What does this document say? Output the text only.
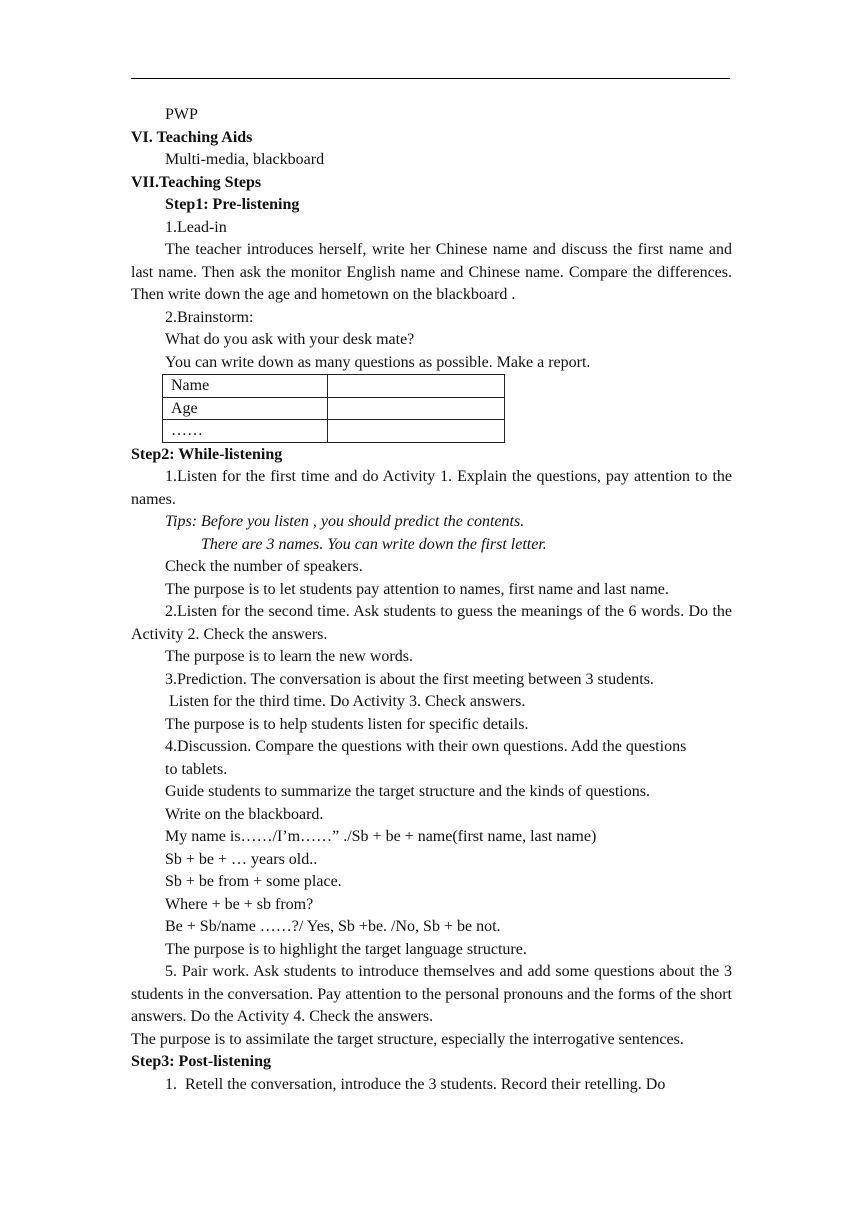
PWP
VI. Teaching Aids
Multi-media, blackboard
VII.Teaching Steps
Step1: Pre-listening
1.Lead-in
The teacher introduces herself, write her Chinese name and discuss the first name and last name. Then ask the monitor English name and Chinese name. Compare the differences. Then write down the age and hometown on the blackboard .
2.Brainstorm:
What do you ask with your desk mate?
You can write down as many questions as possible. Make a report.
Name	
Age	
……	
Step2: While-listening
1.Listen for the first time and do Activity 1. Explain the questions, pay attention to the names.
Tips: Before you listen , you should predict the contents.
There are 3 names. You can write down the first letter.
Check the number of speakers.
The purpose is to let students pay attention to names, first name and last name.
2.Listen for the second time. Ask students to guess the meanings of the 6 words. Do the Activity 2. Check the answers.
The purpose is to learn the new words.
3.Prediction. The conversation is about the first meeting between 3 students.
Listen for the third time. Do Activity 3. Check answers.
The purpose is to help students listen for specific details.
4.Discussion. Compare the questions with their own questions. Add the questions
to tablets.
Guide students to summarize the target structure and the kinds of questions.
Write on the blackboard.
My name is……/I’m……” ./Sb + be + name(first name, last name)
Sb + be + … years old..
Sb + be from + some place.
Where + be + sb from?
Be + Sb/name ……?/ Yes, Sb +be. /No, Sb + be not.
The purpose is to highlight the target language structure.
5. Pair work. Ask students to introduce themselves and add some questions about the 3 students in the conversation. Pay attention to the personal pronouns and the forms of the short answers. Do the Activity 4. Check the answers.
The purpose is to assimilate the target structure, especially the interrogative sentences.
Step3: Post-listening
1.  Retell the conversation, introduce the 3 students. Record their retelling. Do
